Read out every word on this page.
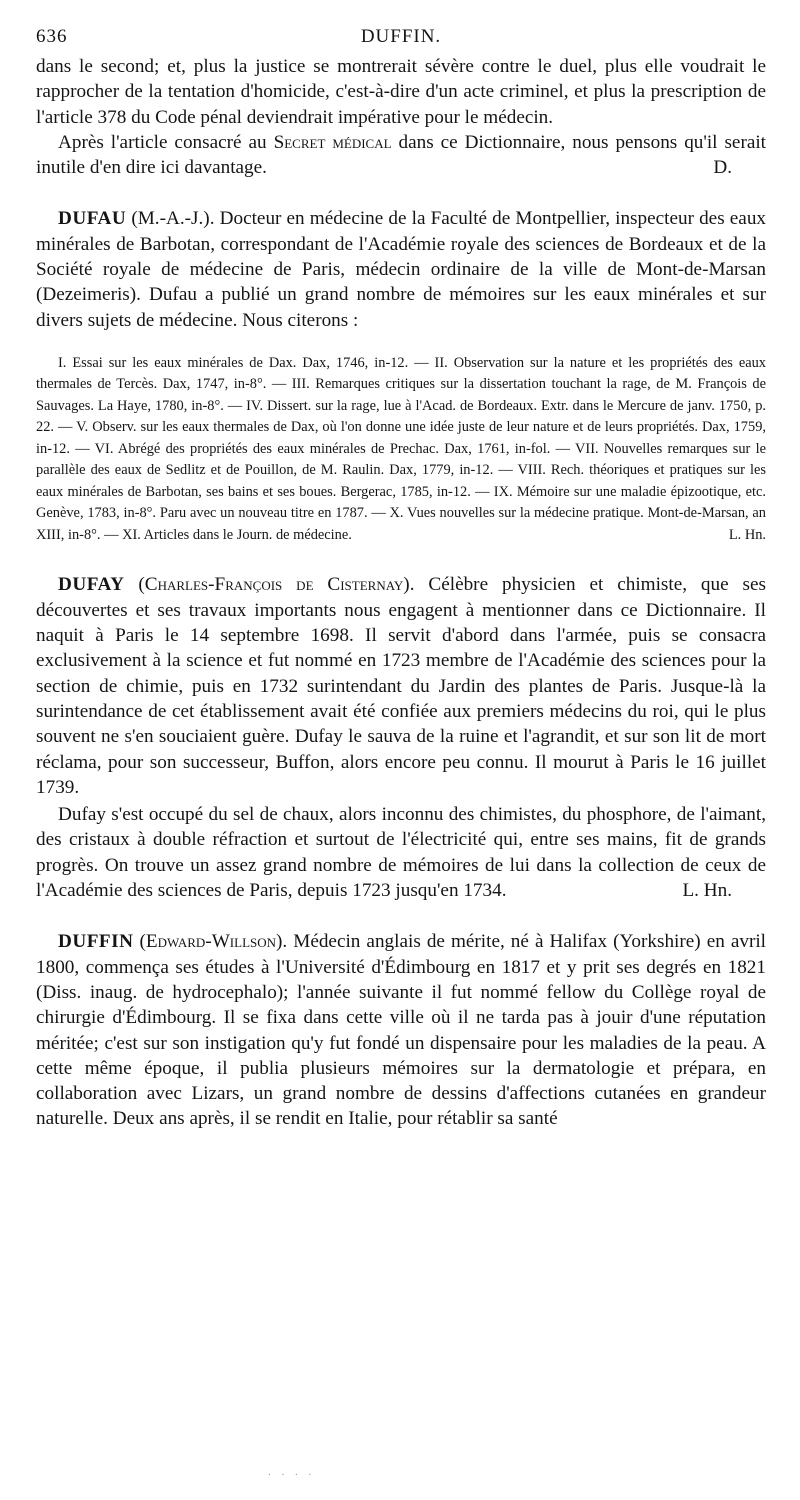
636	DUFFIN.

dans le second; et, plus la justice se montrerait sévère contre le duel, plus elle voudrait le rapprocher de la tentation d'homicide, c'est-à-dire d'un acte criminel, et plus la prescription de l'article 378 du Code pénal deviendrait impérative pour le médecin.

Après l'article consacré au Secret médical dans ce Dictionnaire, nous pensons qu'il serait inutile d'en dire ici davantage.	D.

DUFAU (M.-A.-J.). Docteur en médecine de la Faculté de Montpellier, inspecteur des eaux minérales de Barbotan, correspondant de l'Académie royale des sciences de Bordeaux et de la Société royale de médecine de Paris, médecin ordinaire de la ville de Mont-de-Marsan (Dezeimeris). Dufau a publié un grand nombre de mémoires sur les eaux minérales et sur divers sujets de médecine. Nous citerons :

I. Essai sur les eaux minérales de Dax. Dax, 1746, in-12. — II. Observation sur la nature et les propriétés des eaux thermales de Tercès. Dax, 1747, in-8°. — III. Remarques critiques sur la dissertation touchant la rage, de M. François de Sauvages. La Haye, 1780, in-8°. — IV. Dissert. sur la rage, lue à l'Acad. de Bordeaux. Extr. dans le Mercure de janv. 1750, p. 22. — V. Observ. sur les eaux thermales de Dax, où l'on donne une idée juste de leur nature et de leurs propriétés. Dax, 1759, in-12. — VI. Abrégé des propriétés des eaux minérales de Prechac. Dax, 1761, in-fol. — VII. Nouvelles remarques sur le parallèle des eaux de Sedlitz et de Pouillon, de M. Raulin. Dax, 1779, in-12. — VIII. Rech. théoriques et pratiques sur les eaux minérales de Barbotan, ses bains et ses boues. Bergerac, 1785, in-12. — IX. Mémoire sur une maladie épizootique, etc. Genève, 1783, in-8°. Paru avec un nouveau titre en 1787. — X. Vues nouvelles sur la médecine pratique. Mont-de-Marsan, an XIII, in-8°. — XI. Articles dans le Journ. de médecine.	L. Hn.

DUFAY (Charles-François de Cisternay). Célèbre physicien et chimiste, que ses découvertes et ses travaux importants nous engagent à mentionner dans ce Dictionnaire. Il naquit à Paris le 14 septembre 1698. Il servit d'abord dans l'armée, puis se consacra exclusivement à la science et fut nommé en 1723 membre de l'Académie des sciences pour la section de chimie, puis en 1732 surintendant du Jardin des plantes de Paris. Jusque-là la surintendance de cet établissement avait été confiée aux premiers médecins du roi, qui le plus souvent ne s'en souciaient guère. Dufay le sauva de la ruine et l'agrandit, et sur son lit de mort réclama, pour son successeur, Buffon, alors encore peu connu. Il mourut à Paris le 16 juillet 1739.

Dufay s'est occupé du sel de chaux, alors inconnu des chimistes, du phosphore, de l'aimant, des cristaux à double réfraction et surtout de l'électricité qui, entre ses mains, fit de grands progrès. On trouve un assez grand nombre de mémoires de lui dans la collection de ceux de l'Académie des sciences de Paris, depuis 1723 jusqu'en 1734.	L. Hn.

DUFFIN (Edward-Willson). Médecin anglais de mérite, né à Halifax (Yorkshire) en avril 1800, commença ses études à l'Université d'Édimbourg en 1817 et y prit ses degrés en 1821 (Diss. inaug. de hydrocephalo); l'année suivante il fut nommé fellow du Collège royal de chirurgie d'Édimbourg. Il se fixa dans cette ville où il ne tarda pas à jouir d'une réputation méritée; c'est sur son instigation qu'y fut fondé un dispensaire pour les maladies de la peau. A cette même époque, il publia plusieurs mémoires sur la dermatologie et prépara, en collaboration avec Lizars, un grand nombre de dessins d'affections cutanées en grandeur naturelle. Deux ans après, il se rendit en Italie, pour rétablir sa santé

. . . .
